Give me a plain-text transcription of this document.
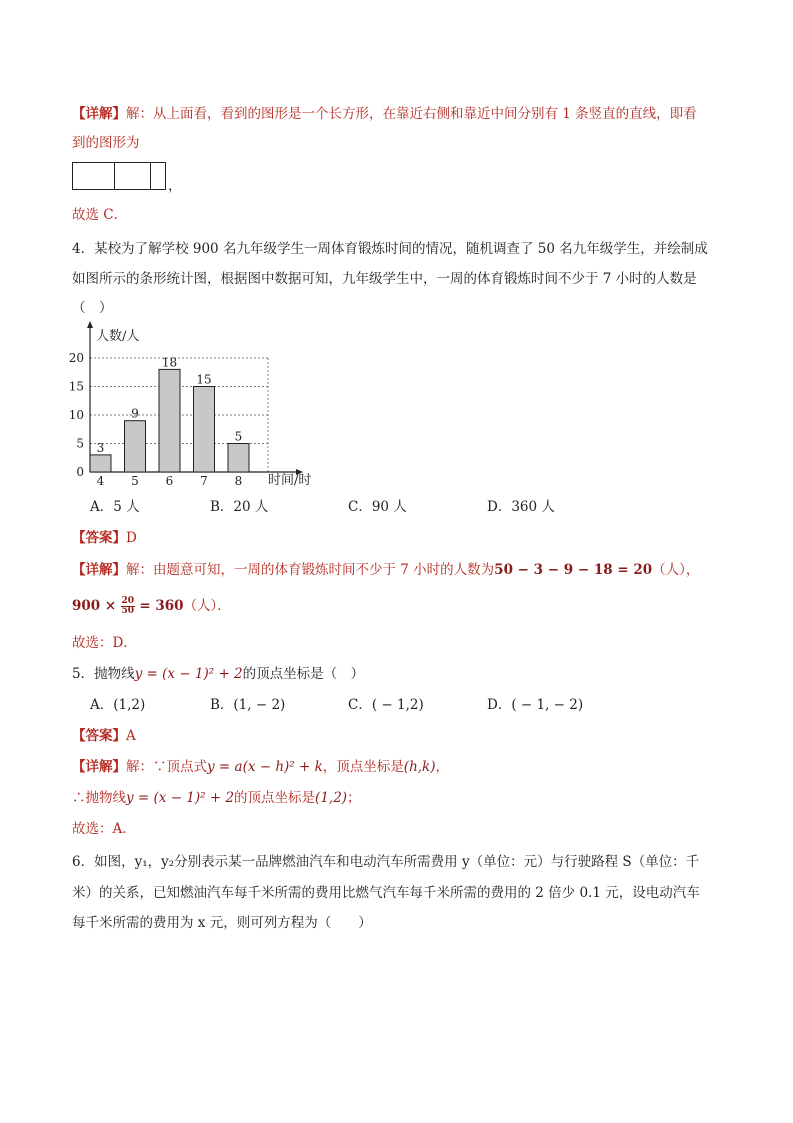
【详解】解：从上面看，看到的图形是一个长方形，在靠近右侧和靠近中间分别有 1 条竖直的直线，即看
到的图形为
，
故选 C．
4．某校为了解学校 900 名九年级学生一周体育锻炼时间的情况，随机调查了 50 名九年级学生，并绘制成
如图所示的条形统计图，根据图中数据可知，九年级学生中，一周的体育锻炼时间不少于 7 小时的人数是
（　）
人数/人
时间/时
0
5
10
15
20
4 5 6 7 8
3
9
18
15
5
A．5 人	B．20 人	C．90 人	D．360 人
【答案】D
【详解】解：由题意可知，一周的体育锻炼时间不少于 7 小时的人数为50 − 3 − 9 − 18 = 20（人），
$900 \times \frac{20}{50} = 360$（人）．
故选：D．
5．抛物线y = (x − 1)² + 2的顶点坐标是（　）
A．(1,2)	B．(1, − 2)	C．( − 1,2)	D．( − 1, − 2)
【答案】A
【详解】解：∵顶点式y = a(x − h)² + k，顶点坐标是(h,k)，
∴抛物线y = (x − 1)² + 2的顶点坐标是(1,2)；
故选：A．
6．如图，y₁，y₂分别表示某一品牌燃油汽车和电动汽车所需费用 y（单位：元）与行驶路程 S（单位：千
米）的关系，已知燃油汽车每千米所需的费用比燃气汽车每千米所需的费用的 2 倍少 0.1 元，设电动汽车
每千米所需的费用为 x 元，则可列方程为（　　）
